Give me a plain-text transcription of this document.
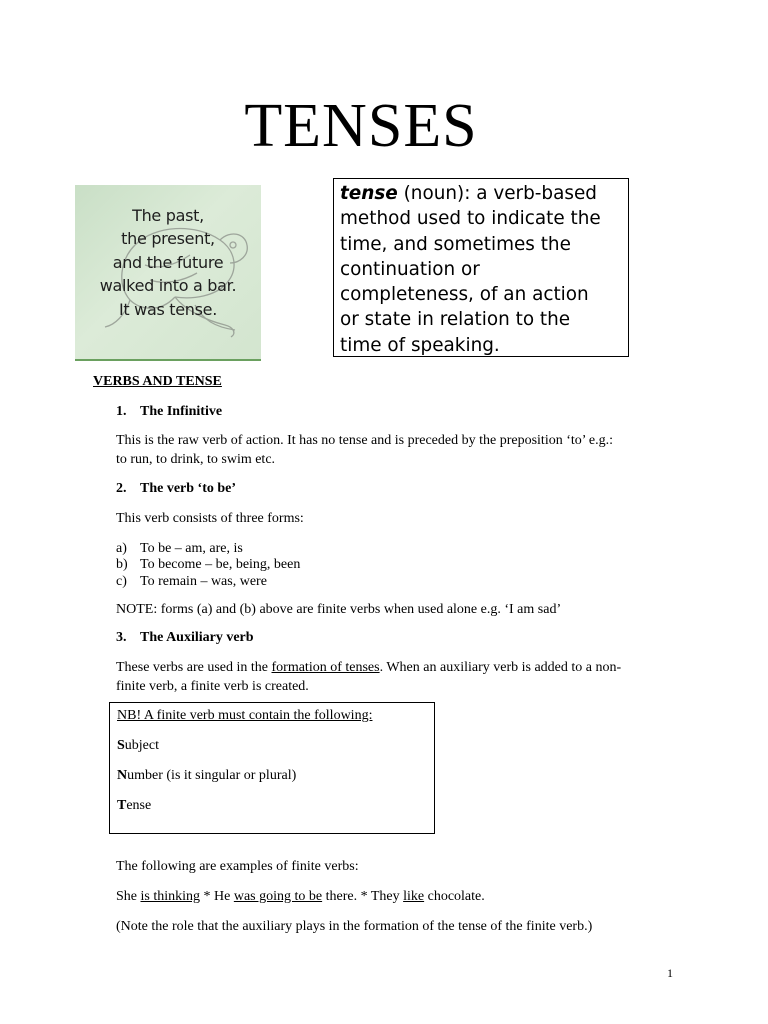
TENSES
The past,
the present,
and the future
walked into a bar.
It was tense.
tense (noun): a verb-based
method used to indicate the
time, and sometimes the
continuation or
completeness, of an action
or state in relation to the
time of speaking.
VERBS AND TENSE
1. The Infinitive
This is the raw verb of action. It has no tense and is preceded by the preposition ‘to’ e.g.:
to run, to drink, to swim etc.
2. The verb ‘to be’
This verb consists of three forms:
a) To be – am, are, is
b) To become – be, being, been
c) To remain – was, were
NOTE: forms (a) and (b) above are finite verbs when used alone e.g. ‘I am sad’
3. The Auxiliary verb
These verbs are used in the formation of tenses. When an auxiliary verb is added to a non-
finite verb, a finite verb is created.
NB! A finite verb must contain the following:
Subject
Number (is it singular or plural)
Tense
The following are examples of finite verbs:
She is thinking * He was going to be there. * They like chocolate.
(Note the role that the auxiliary plays in the formation of the tense of the finite verb.)
1
